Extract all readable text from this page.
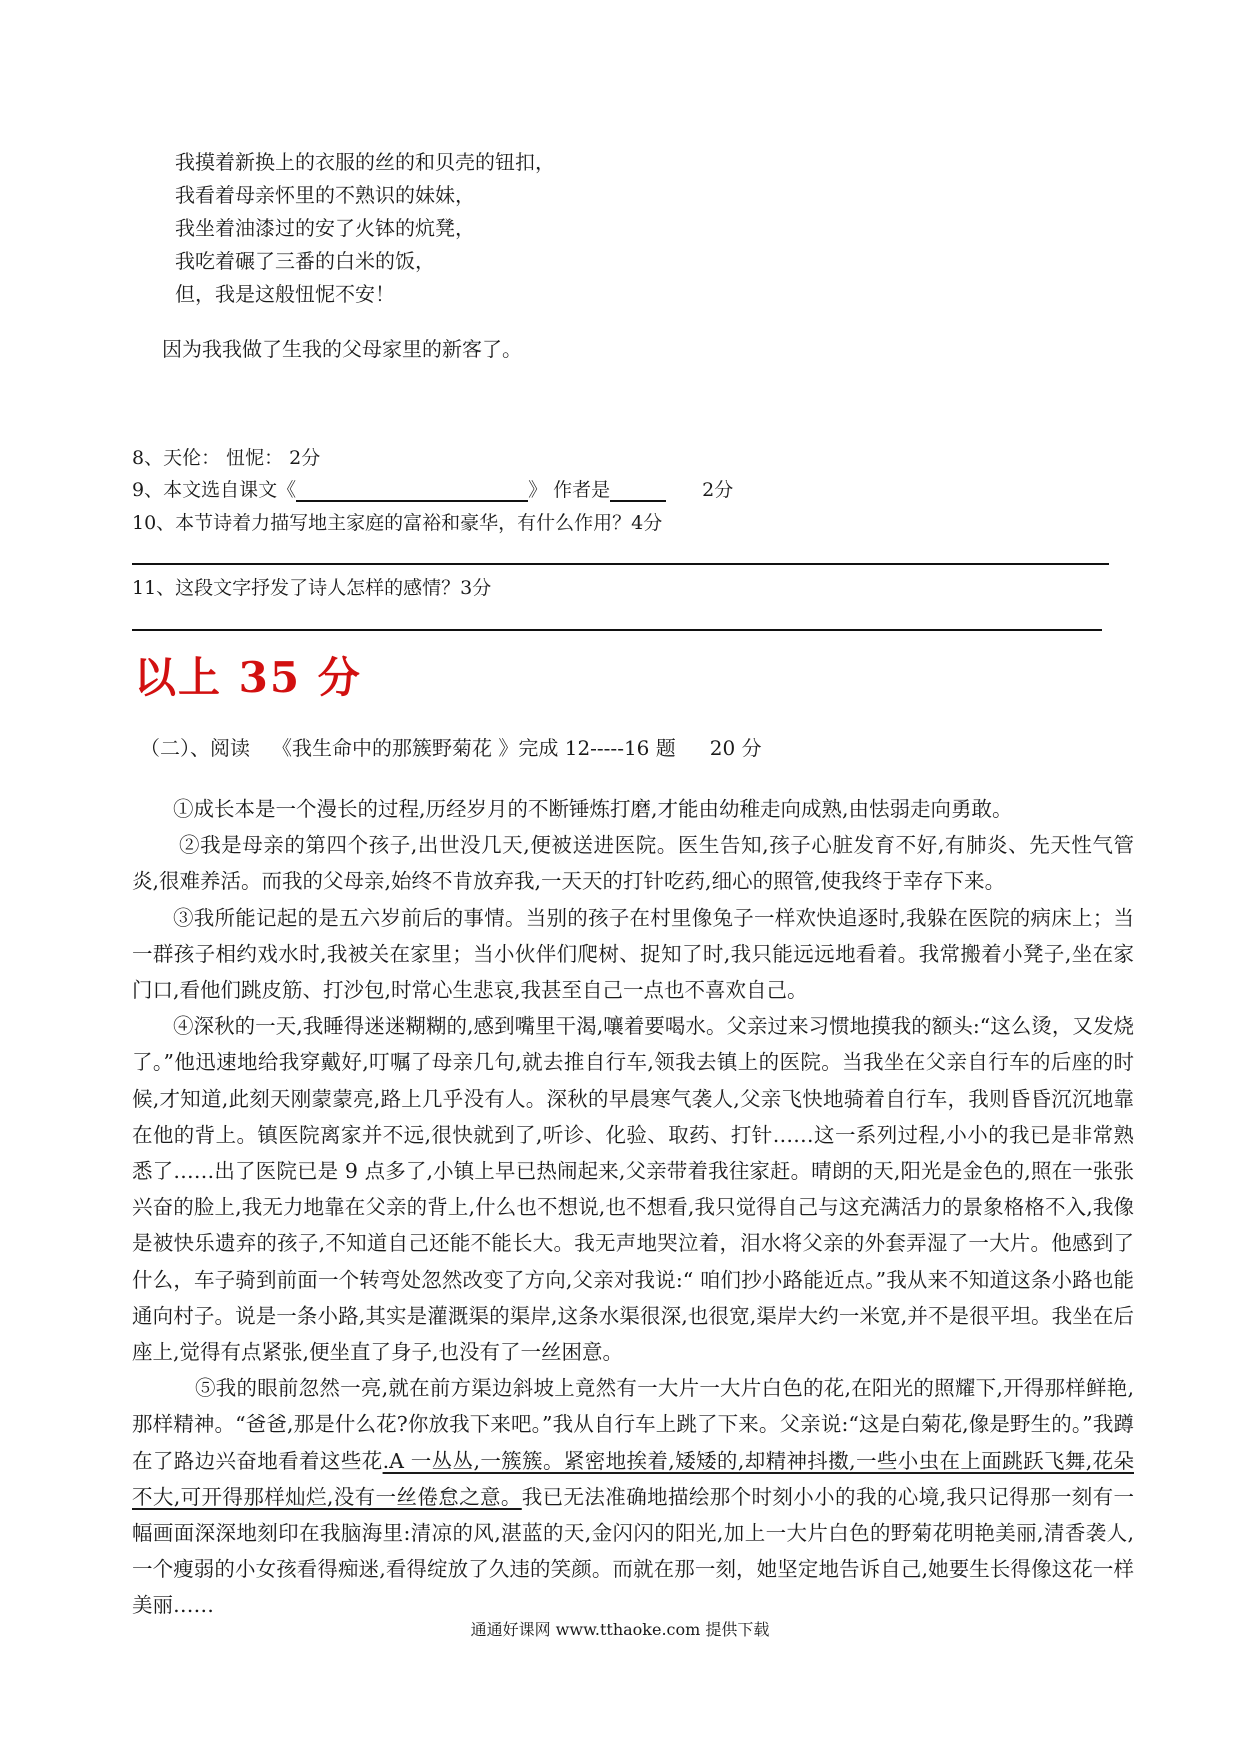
我摸着新换上的衣服的丝的和贝壳的钮扣，
我看着母亲怀里的不熟识的妹妹，
我坐着油漆过的安了火钵的炕凳，
我吃着碾了三番的白米的饭，
但，我是这般忸怩不安！
因为我我做了生我的父母家里的新客了。
8、天伦： 忸怩： 2分
9、本文选自课文《	》 作者是	2分
10、本节诗着力描写地主家庭的富裕和豪华，有什么作用？4分
11、这段文字抒发了诗人怎样的感情？3分
以上 35 分
（二）、阅读 《我生命中的那簇野菊花 》完成 12-----16 题 20 分

①成长本是一个漫长的过程,历经岁月的不断锤炼打磨,才能由幼稚走向成熟,由怯弱走向勇敢。

②我是母亲的第四个孩子,出世没几天,便被送进医院。医生告知,孩子心脏发育不好,有肺炎、先天性气管炎,很难养活。而我的父母亲,始终不肯放弃我,一天天的打针吃药,细心的照管,使我终于幸存下来。

③我所能记起的是五六岁前后的事情。当别的孩子在村里像兔子一样欢快追逐时,我躲在医院的病床上；当一群孩子相约戏水时,我被关在家里；当小伙伴们爬树、捉知了时,我只能远远地看着。我常搬着小凳子,坐在家门口,看他们跳皮筋、打沙包,时常心生悲哀,我甚至自己一点也不喜欢自己。

④深秋的一天,我睡得迷迷糊糊的,感到嘴里干渴,嚷着要喝水。父亲过来习惯地摸我的额头:“这么烫，又发烧了。”他迅速地给我穿戴好,叮嘱了母亲几句,就去推自行车,领我去镇上的医院。当我坐在父亲自行车的后座的时候,才知道,此刻天刚蒙蒙亮,路上几乎没有人。深秋的早晨寒气袭人,父亲飞快地骑着自行车，我则昏昏沉沉地靠在他的背上。镇医院离家并不远,很快就到了,听诊、化验、取药、打针……这一系列过程,小小的我已是非常熟悉了……出了医院已是 9 点多了,小镇上早已热闹起来,父亲带着我往家赶。晴朗的天,阳光是金色的,照在一张张兴奋的脸上,我无力地靠在父亲的背上,什么也不想说,也不想看,我只觉得自己与这充满活力的景象格格不入,我像是被快乐遗弃的孩子,不知道自己还能不能长大。我无声地哭泣着，泪水将父亲的外套弄湿了一大片。他感到了什么，车子骑到前面一个转弯处忽然改变了方向,父亲对我说:“ 咱们抄小路能近点。”我从来不知道这条小路也能通向村子。说是一条小路,其实是灌溉渠的渠岸,这条水渠很深,也很宽,渠岸大约一米宽,并不是很平坦。我坐在后座上,觉得有点紧张,便坐直了身子,也没有了一丝困意。

⑤我的眼前忽然一亮,就在前方渠边斜坡上竟然有一大片一大片白色的花,在阳光的照耀下,开得那样鲜艳,那样精神。“爸爸,那是什么花?你放我下来吧。”我从自行车上跳了下来。父亲说:“这是白菊花,像是野生的。”我蹲在了路边兴奋地看着这些花.A 一丛丛,一簇簇。紧密地挨着,矮矮的,却精神抖擞,一些小虫在上面跳跃飞舞,花朵不大,可开得那样灿烂,没有一丝倦怠之意。我已无法准确地描绘那个时刻小小的我的心境,我只记得那一刻有一幅画面深深地刻印在我脑海里:清凉的风,湛蓝的天,金闪闪的阳光,加上一大片白色的野菊花明艳美丽,清香袭人,一个瘦弱的小女孩看得痴迷,看得绽放了久违的笑颜。而就在那一刻，她坚定地告诉自己,她要生长得像这花一样美丽……

通通好课网 www.tthaoke.com 提供下载
